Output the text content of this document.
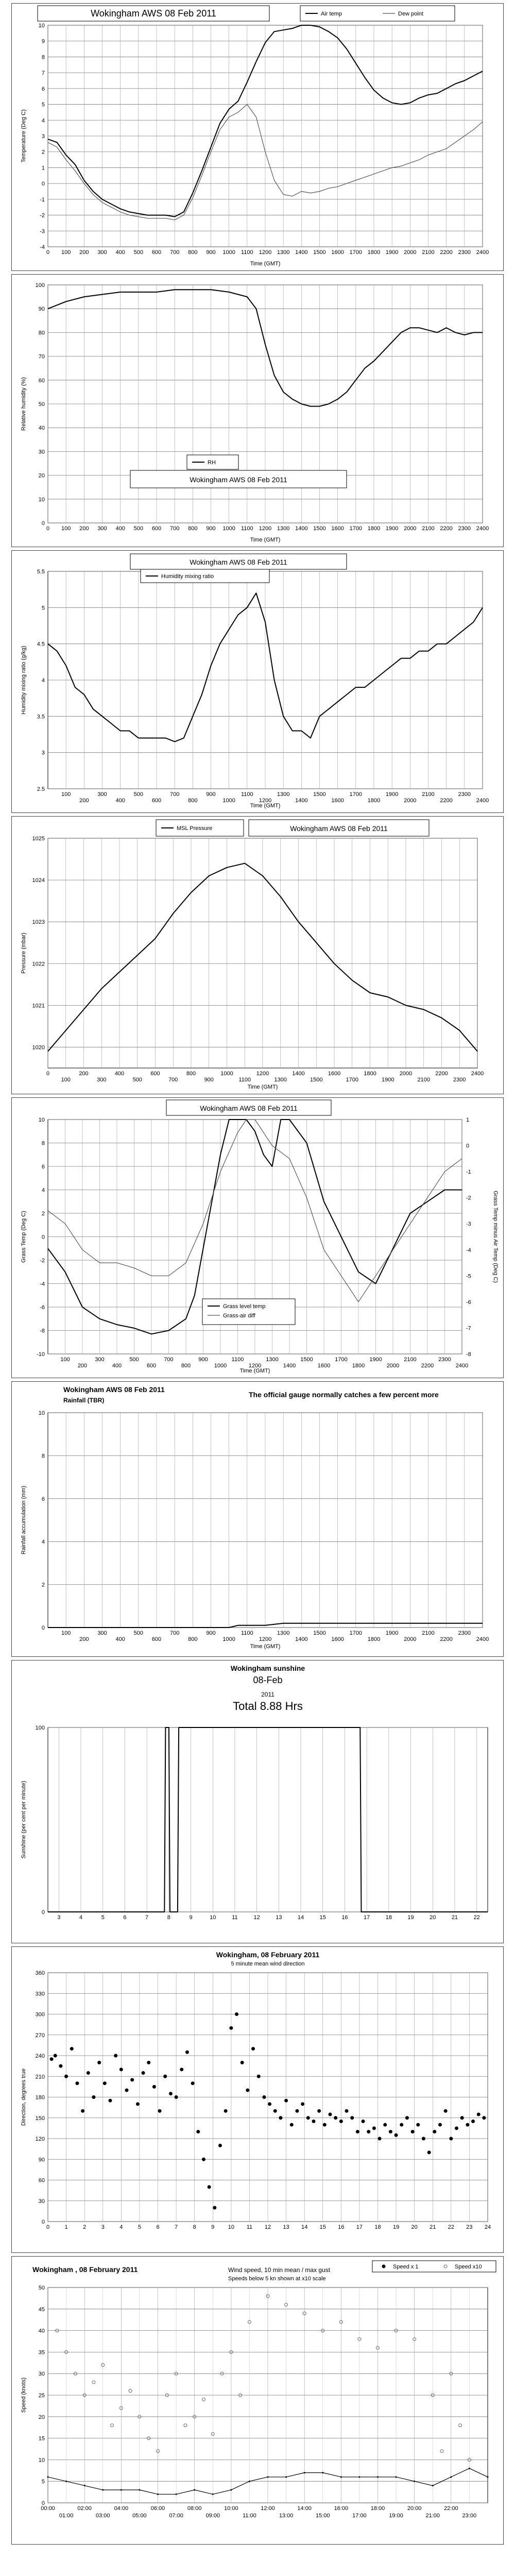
-4
-3
-2
-1
0
1
2
3
4
5
6
7
8
9
10
0 100 200 300 400 500 600 700 800 900 1000 1100 1200 1300 1400 1500 1600 1700 1800 1900 2000 2100 2200 2300 2400
Time (GMT)
Temperature (Deg C)
Wokingham AWS 08 Feb 2011	Air temp	Dew point
0
10
20
30
40
50
60
70
80
90
100
0 100 200 300 400 500 600 700 800 900 1000 1100 1200 1300 1400 1500 1600 1700 1800 1900 2000 2100 2200 2300 2400
Time (GMT)
Relative humidity (%)
Wokingham AWS 08 Feb 2011
RH
2.5
3
3.5
4
4.5
5
5.5
100
200
300
400
500
600
700
800
900
1000
1100
1200
1300
1400
1500
1600
1700
1800
1900
2000
2100
2200
2300
2400
Time (GMT)
Humidity mixing ratio (g/kg)
Wokingham AWS 08 Feb 2011
Humidity mixing ratio
1020
1021
1022
1023
1024
1025
0
100
200
300
400
500
600
700
800
900
1000
1100
1200
1300
1400
1500
1600
1700
1800
1900
2000
2100
2200
2300
2400
Time (GMT)
Pressure (mbar)
Wokingham AWS 08 Feb 2011
MSL Pressure
-10
-8
-6
-4
-2
0
2
4
6
8
10
100
200
300
400
500
600
700
800
900
1000
1100
1200
1300
1400
1500
1600
1700
1800
1900
2000
2100
2200
2300
2400
-8
-7
-6
-5
-4
-3
-2
-1
0
1
Grass Temp minus Air Temp (Deg C)
Time (GMT)
Grass Temp (Deg C)
Wokingham AWS 08 Feb 2011
Grass level temp
Grass-air diff
0
2
4
6
8
10
100
200
300
400
500
600
700
800
900
1000
1100
1200
1300
1400
1500
1600
1700
1800
1900
2000
2100
2200
2300
2400
Time (GMT)
Rainfall accumulation (mm)
Wokingham AWS 08 Feb 2011
Rainfall (TBR)
The official gauge normally catches a few percent more
0
100
3	4	5	6	7	8	9	10	11	12	13	14	15	16	17	18	19	20	21	22
Sunshine (per cent per minute)
Wokingham sunshine
08-Feb
2011
Total 8.88 Hrs
0
30
60
90
120
150
180
210
240
270
300
330
360
0	1	2	3	4	5	6	7	8	9 10 11 12 13 14 15 16 17 18 19 20 21 22 23 24
Direction, degrees true
Wokingham, 08 February 2011
5 minute mean wind direction
0
5
10
15
20
25
30
35
40
45
50
00:00	02:00	04:00	06:00	08:00	10:00	12:00	14:00	16:00	18:00	20:00	22:00
01:00	03:00	05:00	07:00	09:00	11:00	13:00	15:00	17:00	19:00	21:00	23:00
Speed (knots)
Wokingham , 08 February 2011	Wind speed, 10 min mean / max gust
Speeds below 5 kn shown at x10 scale
Speed x 1	Speed x10
